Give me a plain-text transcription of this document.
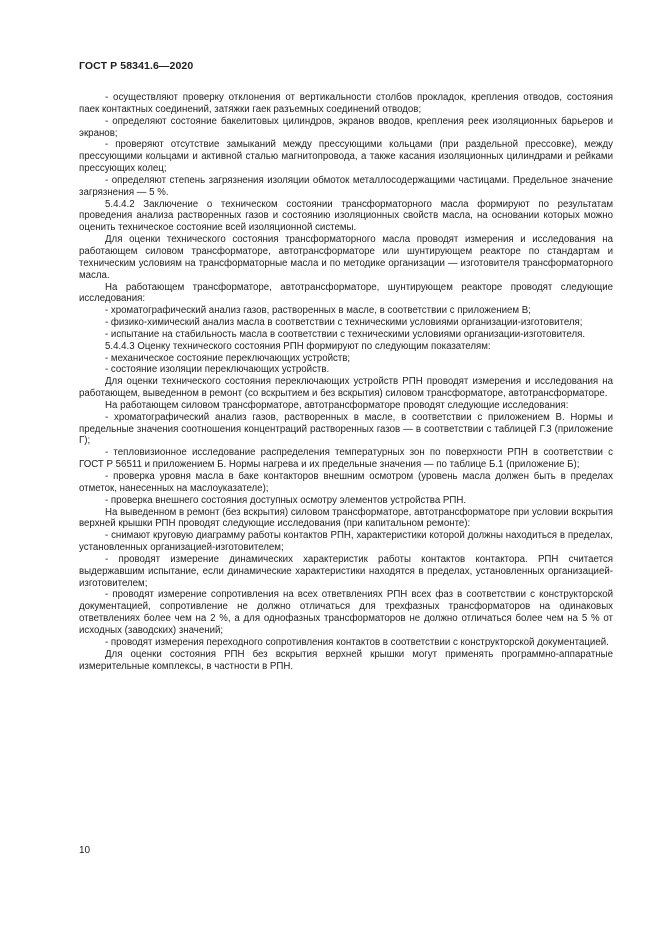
ГОСТ Р 58341.6—2020

- осуществляют проверку отклонения от вертикальности столбов прокладок, крепления отводов, состояния паек контактных соединений, затяжки гаек разъемных соединений отводов;

- определяют состояние бакелитовых цилиндров, экранов вводов, крепления реек изоляционных барьеров и экранов;

- проверяют отсутствие замыканий между прессующими кольцами (при раздельной прессовке), между прессующими кольцами и активной сталью магнитопровода, а также касания изоляционных цилиндрами и рейками прессующих колец;

- определяют степень загрязнения изоляции обмоток металлосодержащими частицами. Предельное значение загрязнения — 5 %.

5.4.4.2 Заключение о техническом состоянии трансформаторного масла формируют по результатам проведения анализа растворенных газов и состоянию изоляционных свойств масла, на основании которых можно оценить техническое состояние всей изоляционной системы.

Для оценки технического состояния трансформаторного масла проводят измерения и исследования на работающем силовом трансформаторе, автотрансформаторе или шунтирующем реакторе по стандартам и техническим условиям на трансформаторные масла и по методике организации — изготовителя трансформаторного масла.

На работающем трансформаторе, автотрансформаторе, шунтирующем реакторе проводят следующие исследования:

- хроматографический анализ газов, растворенных в масле, в соответствии с приложением В;

- физико-химический анализ масла в соответствии с техническими условиями организации-изготовителя;

- испытание на стабильность масла в соответствии с техническими условиями организации-изготовителя.

5.4.4.3 Оценку технического состояния РПН формируют по следующим показателям:

- механическое состояние переключающих устройств;

- состояние изоляции переключающих устройств.

Для оценки технического состояния переключающих устройств РПН проводят измерения и исследования на работающем, выведенном в ремонт (со вскрытием и без вскрытия) силовом трансформаторе, автотрансформаторе.

На работающем силовом трансформаторе, автотрансформаторе проводят следующие исследования:

- хроматографический анализ газов, растворенных в масле, в соответствии с приложением В. Нормы и предельные значения соотношения концентраций растворенных газов — в соответствии с таблицей Г.3 (приложение Г);

- тепловизионное исследование распределения температурных зон по поверхности РПН в соответствии с ГОСТ Р 56511 и приложением Б. Нормы нагрева и их предельные значения — по таблице Б.1 (приложение Б);

- проверка уровня масла в баке контакторов внешним осмотром (уровень масла должен быть в пределах отметок, нанесенных на маслоуказателе);

- проверка внешнего состояния доступных осмотру элементов устройства РПН.

На выведенном в ремонт (без вскрытия) силовом трансформаторе, автотрансформаторе при условии вскрытия верхней крышки РПН проводят следующие исследования (при капитальном ремонте):

- снимают круговую диаграмму работы контактов РПН, характеристики которой должны находиться в пределах, установленных организацией-изготовителем;

- проводят измерение динамических характеристик работы контактов контактора. РПН считается выдержавшим испытание, если динамические характеристики находятся в пределах, установленных организацией-изготовителем;

- проводят измерение сопротивления на всех ответвлениях РПН всех фаз в соответствии с конструкторской документацией, сопротивление не должно отличаться для трехфазных трансформаторов на одинаковых ответвлениях более чем на 2 %, а для однофазных трансформаторов не должно отличаться более чем на 5 % от исходных (заводских) значений;

- проводят измерения переходного сопротивления контактов в соответствии с конструкторской документацией.

Для оценки состояния РПН без вскрытия верхней крышки могут применять программно-аппаратные измерительные комплексы, в частности в РПН.

10
